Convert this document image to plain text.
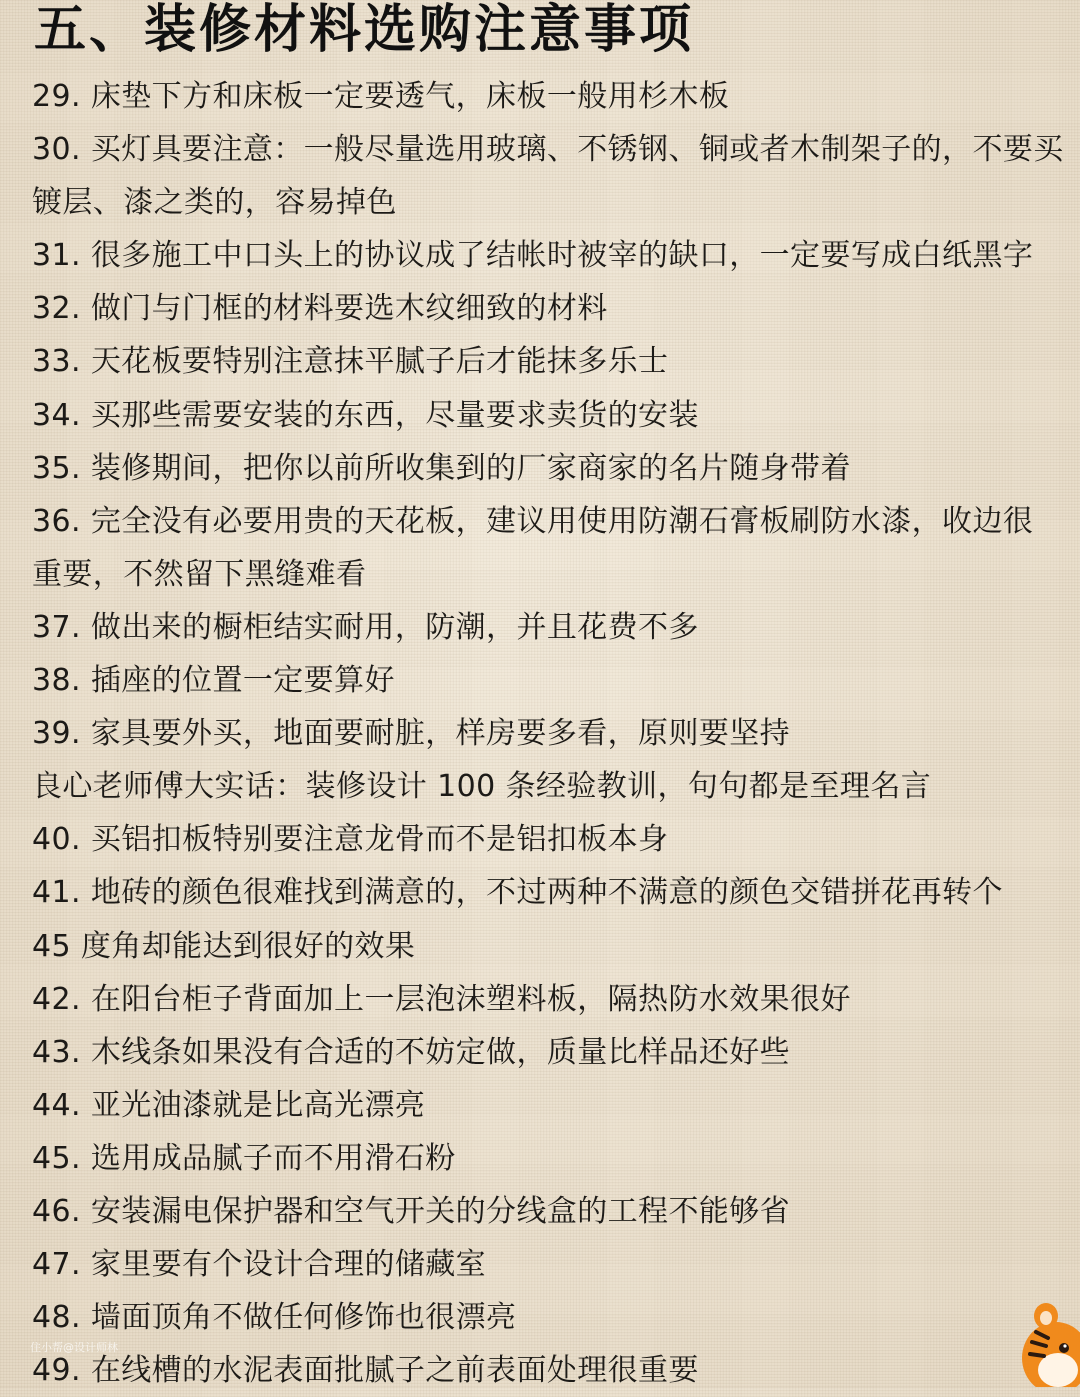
五、装修材料选购注意事项
29. 床垫下方和床板一定要透气，床板一般用杉木板
30. 买灯具要注意：一般尽量选用玻璃、不锈钢、铜或者木制架子的，不要买
镀层、漆之类的，容易掉色
31. 很多施工中口头上的协议成了结帐时被宰的缺口，一定要写成白纸黑字
32. 做门与门框的材料要选木纹细致的材料
33. 天花板要特别注意抹平腻子后才能抹多乐士
34. 买那些需要安装的东西，尽量要求卖货的安装
35. 装修期间，把你以前所收集到的厂家商家的名片随身带着
36. 完全没有必要用贵的天花板，建议用使用防潮石膏板刷防水漆，收边很
重要，不然留下黑缝难看
37. 做出来的橱柜结实耐用，防潮，并且花费不多
38. 插座的位置一定要算好
39. 家具要外买，地面要耐脏，样房要多看，原则要坚持
良心老师傅大实话：装修设计 100 条经验教训，句句都是至理名言
40. 买铝扣板特别要注意龙骨而不是铝扣板本身
41. 地砖的颜色很难找到满意的，不过两种不满意的颜色交错拼花再转个
45 度角却能达到很好的效果
42. 在阳台柜子背面加上一层泡沫塑料板，隔热防水效果很好
43. 木线条如果没有合适的不妨定做，质量比样品还好些
44. 亚光油漆就是比高光漂亮
45. 选用成品腻子而不用滑石粉
46. 安装漏电保护器和空气开关的分线盒的工程不能够省
47. 家里要有个设计合理的储藏室
48. 墙面顶角不做任何修饰也很漂亮
49. 在线槽的水泥表面批腻子之前表面处理很重要
住小帮@设计师林
